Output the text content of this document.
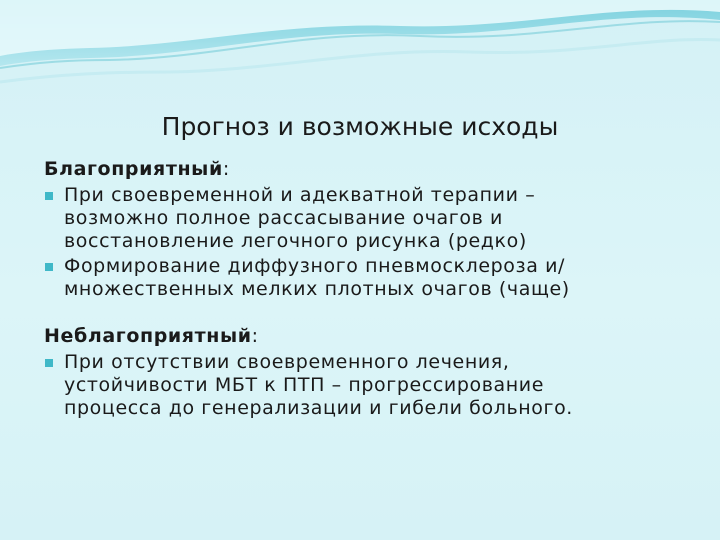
Прогноз и возможные исходы
Благоприятный:
При своевременной и адекватной терапии –
возможно полное рассасывание очагов и
восстановление легочного рисунка (редко)
Формирование диффузного пневмосклероза и/
множественных мелких плотных очагов (чаще)
Неблагоприятный:
При отсутствии своевременного лечения,
устойчивости МБТ к ПТП – прогрессирование
процесса до генерализации и гибели больного.
